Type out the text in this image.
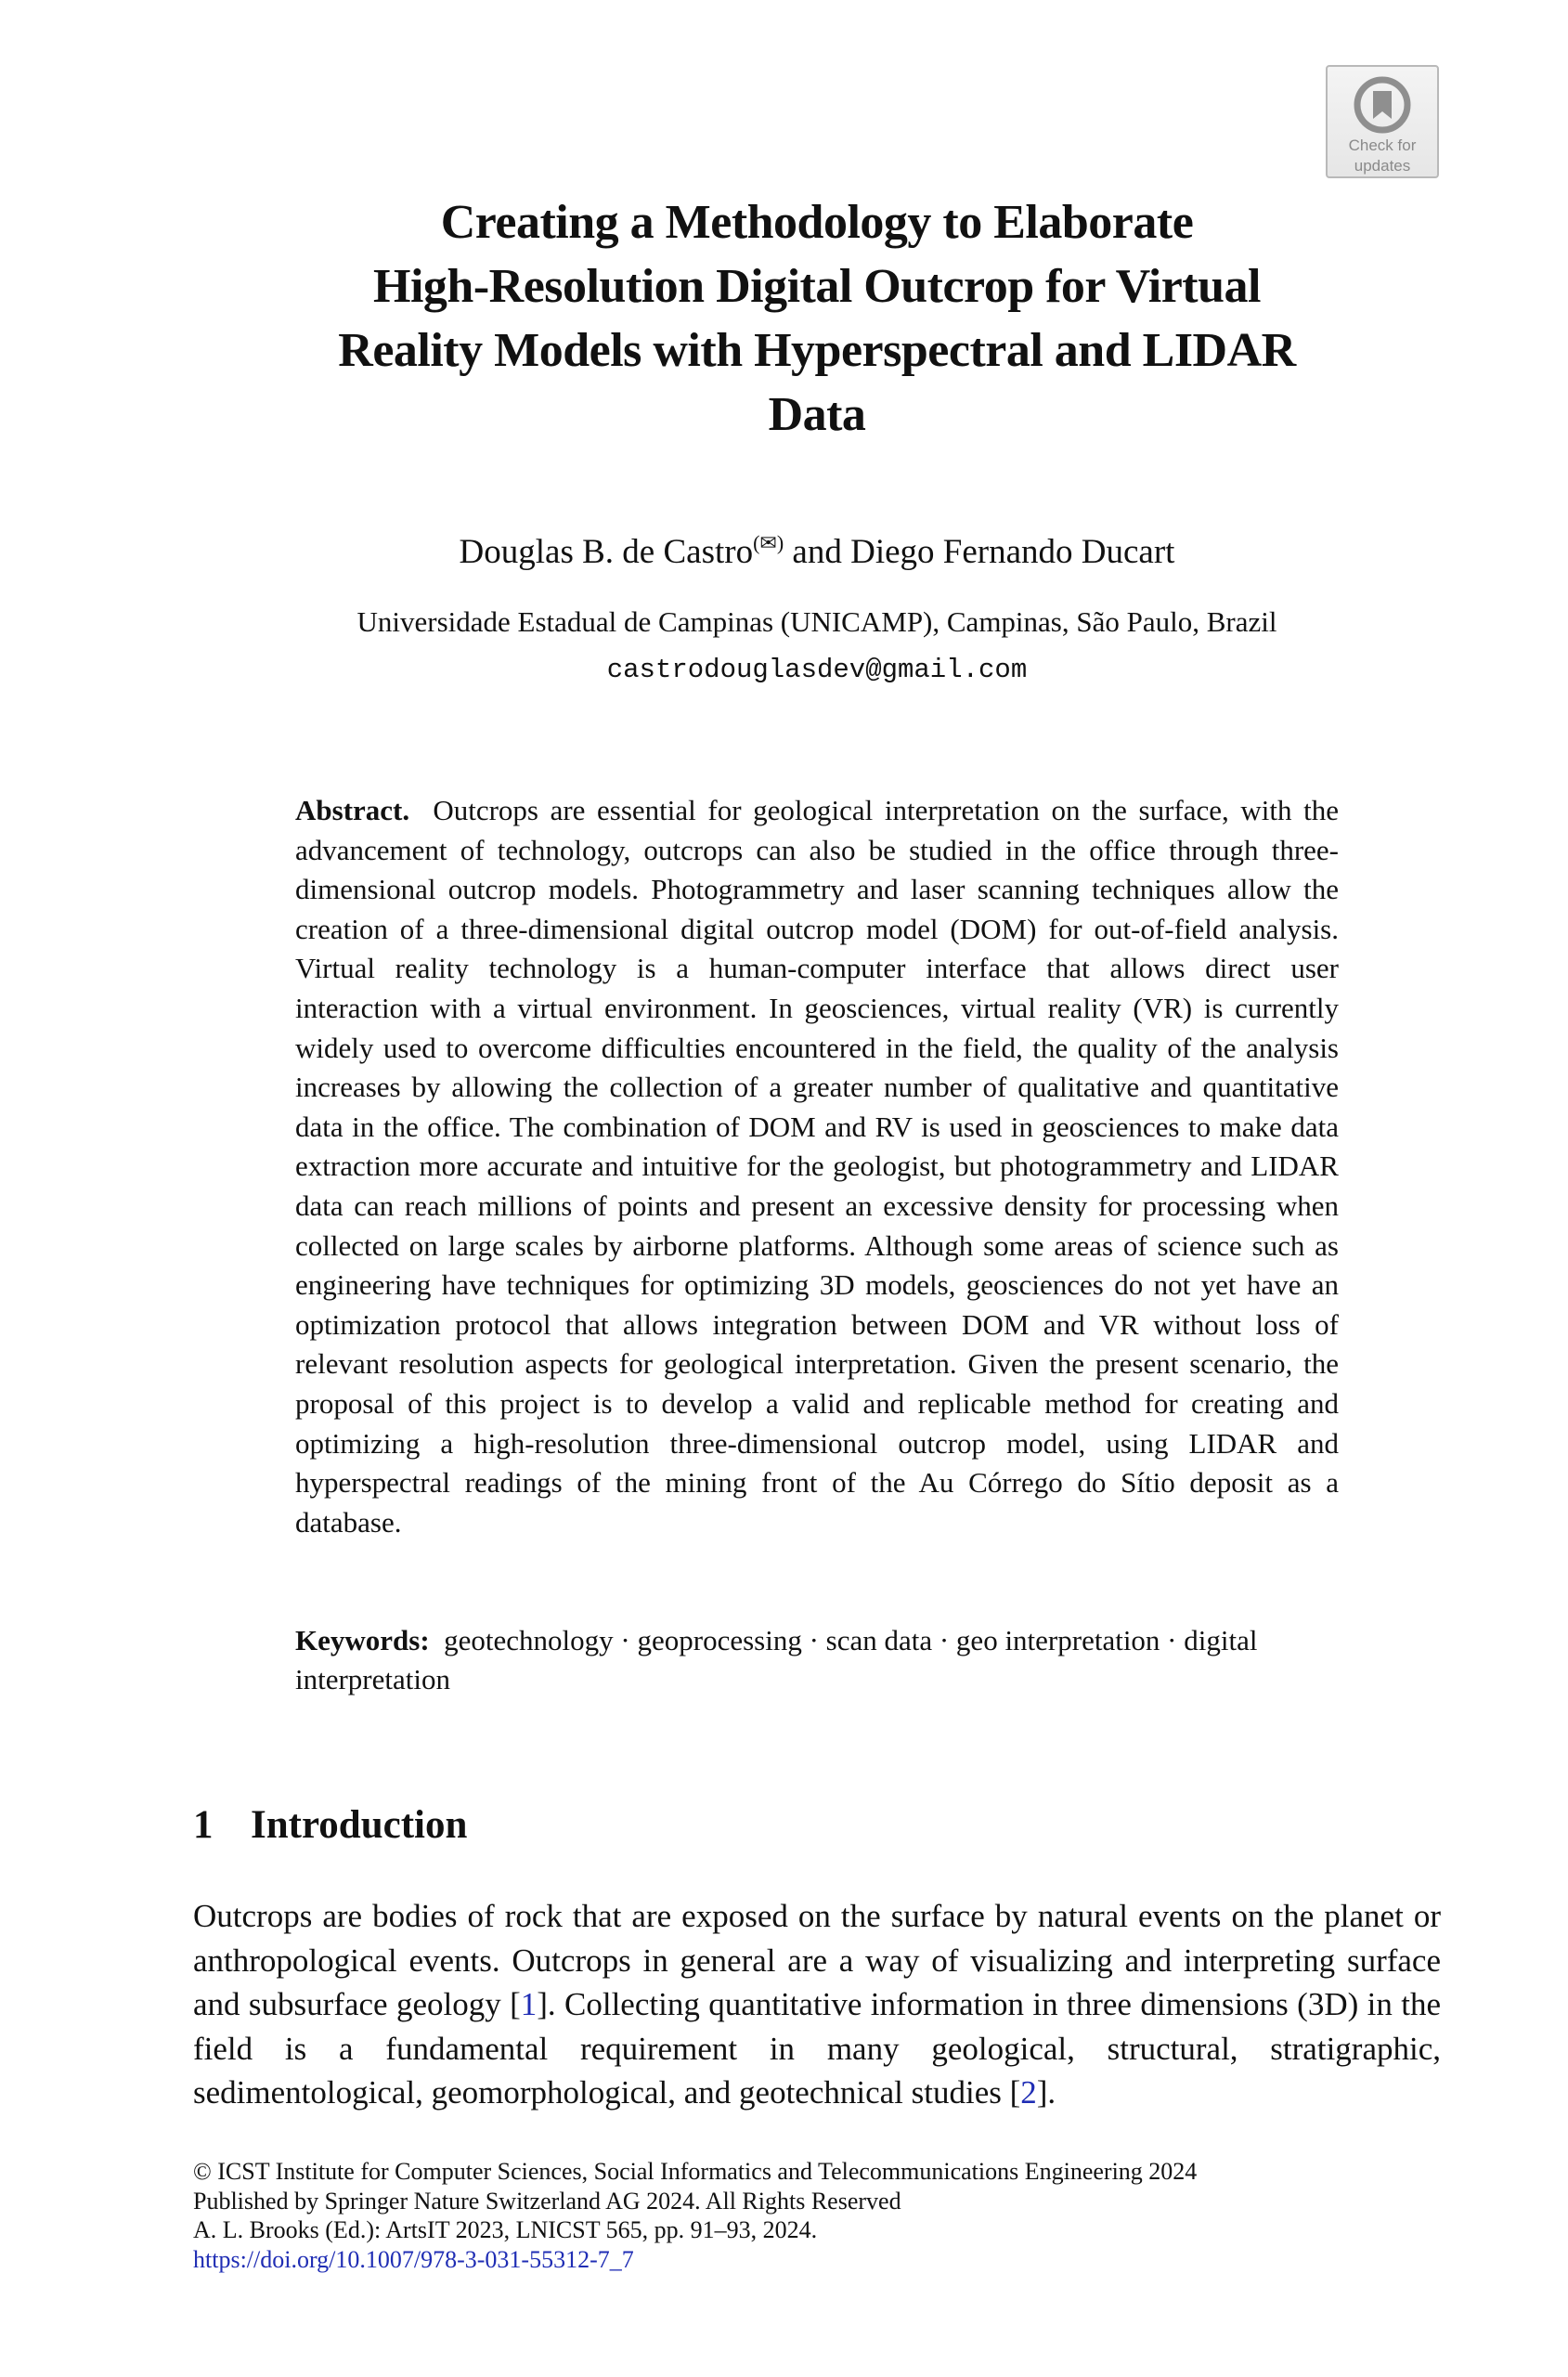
Check for
updates
Creating a Methodology to Elaborate
High-Resolution Digital Outcrop for Virtual
Reality Models with Hyperspectral and LIDAR
Data
Douglas B. de Castro(✉) and Diego Fernando Ducart
Universidade Estadual de Campinas (UNICAMP), Campinas, São Paulo, Brazil
castrodouglasdev@gmail.com
Abstract. Outcrops are essential for geological interpretation on the surface, with the advancement of technology, outcrops can also be studied in the office through three-dimensional outcrop models. Photogrammetry and laser scanning techniques allow the creation of a three-dimensional digital outcrop model (DOM) for out-of-field analysis. Virtual reality technology is a human-computer interface that allows direct user interaction with a virtual environment. In geosciences, virtual reality (VR) is currently widely used to overcome difficulties encountered in the field, the quality of the analysis increases by allowing the collection of a greater number of qualitative and quantitative data in the office. The combination of DOM and RV is used in geosciences to make data extraction more accurate and intuitive for the geologist, but photogrammetry and LIDAR data can reach millions of points and present an excessive density for processing when collected on large scales by airborne platforms. Although some areas of science such as engineering have techniques for optimizing 3D models, geosciences do not yet have an optimization protocol that allows integration between DOM and VR without loss of relevant resolution aspects for geological interpretation. Given the present scenario, the proposal of this project is to develop a valid and replicable method for creating and optimizing a high-resolution three-dimensional outcrop model, using LIDAR and hyperspectral readings of the mining front of the Au Córrego do Sítio deposit as a database.
Keywords: geotechnology · geoprocessing · scan data · geo interpretation · digital interpretation
1 Introduction
Outcrops are bodies of rock that are exposed on the surface by natural events on the planet or anthropological events. Outcrops in general are a way of visualizing and interpreting surface and subsurface geology [1]. Collecting quantitative information in three dimensions (3D) in the field is a fundamental requirement in many geological, structural, stratigraphic, sedimentological, geomorphological, and geotechnical studies [2].
© ICST Institute for Computer Sciences, Social Informatics and Telecommunications Engineering 2024
Published by Springer Nature Switzerland AG 2024. All Rights Reserved
A. L. Brooks (Ed.): ArtsIT 2023, LNICST 565, pp. 91–93, 2024.
https://doi.org/10.1007/978-3-031-55312-7_7
